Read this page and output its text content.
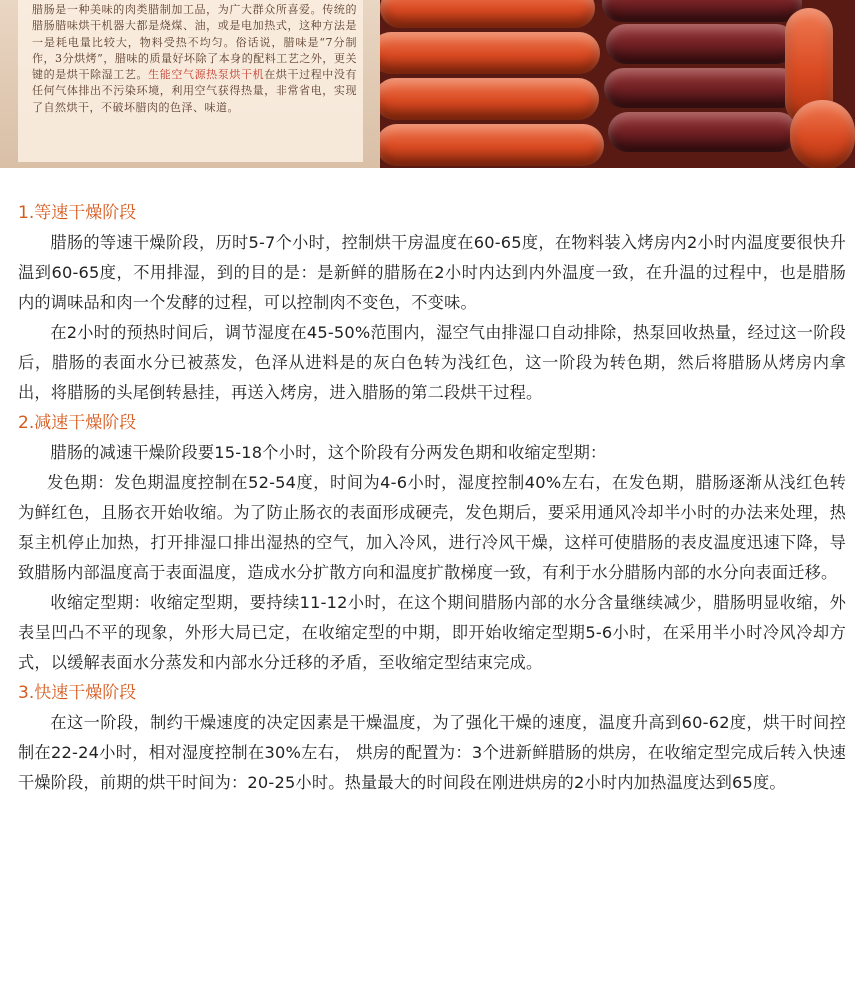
腊肠是一种美味的肉类腊制加工品，为广大群众所喜爱。传统的腊肠腊味烘干机器大都是烧煤、油，或是电加热式，这种方法是一是耗电量比较大，物料受热不均匀。俗话说，腊味是“7分制作，3分烘烤”，腊味的质量好坏除了本身的配料工艺之外，更关键的是烘干除湿工艺。生能空气源热泵烘干机在烘干过程中没有任何气体排出不污染环境，利用空气获得热量，非常省电，实现了自然烘干，不破坏腊肉的色泽、味道。
1.等速干燥阶段

腊肠的等速干燥阶段，历时5-7个小时，控制烘干房温度在60-65度，在物料装入烤房内2小时内温度要很快升温到60-65度，不用排湿，到的目的是：是新鲜的腊肠在2小时内达到内外温度一致，在升温的过程中，也是腊肠内的调味品和肉一个发酵的过程，可以控制肉不变色，不变味。

在2小时的预热时间后，调节湿度在45-50%范围内，湿空气由排湿口自动排除，热泵回收热量，经过这一阶段后，腊肠的表面水分已被蒸发，色泽从进料是的灰白色转为浅红色，这一阶段为转色期，然后将腊肠从烤房内拿出，将腊肠的头尾倒转悬挂，再送入烤房，进入腊肠的第二段烘干过程。

2.减速干燥阶段

腊肠的减速干燥阶段要15-18个小时，这个阶段有分两发色期和收缩定型期：

发色期：发色期温度控制在52-54度，时间为4-6小时，湿度控制40%左右，在发色期，腊肠逐渐从浅红色转为鲜红色，且肠衣开始收缩。为了防止肠衣的表面形成硬壳，发色期后，要采用通风冷却半小时的办法来处理，热泵主机停止加热，打开排湿口排出湿热的空气，加入冷风，进行冷风干燥，这样可使腊肠的表皮温度迅速下降，导致腊肠内部温度高于表面温度，造成水分扩散方向和温度扩散梯度一致，有利于水分腊肠内部的水分向表面迁移。

收缩定型期：收缩定型期，要持续11-12小时，在这个期间腊肠内部的水分含量继续减少，腊肠明显收缩，外表呈凹凸不平的现象，外形大局已定，在收缩定型的中期，即开始收缩定型期5-6小时，在采用半小时冷风冷却方式，以缓解表面水分蒸发和内部水分迁移的矛盾，至收缩定型结束完成。

3.快速干燥阶段

在这一阶段，制约干燥速度的决定因素是干燥温度，为了强化干燥的速度，温度升高到60-62度，烘干时间控制在22-24小时，相对湿度控制在30%左右， 烘房的配置为：3个进新鲜腊肠的烘房，在收缩定型完成后转入快速干燥阶段，前期的烘干时间为：20-25小时。热量最大的时间段在刚进烘房的2小时内加热温度达到65度。
